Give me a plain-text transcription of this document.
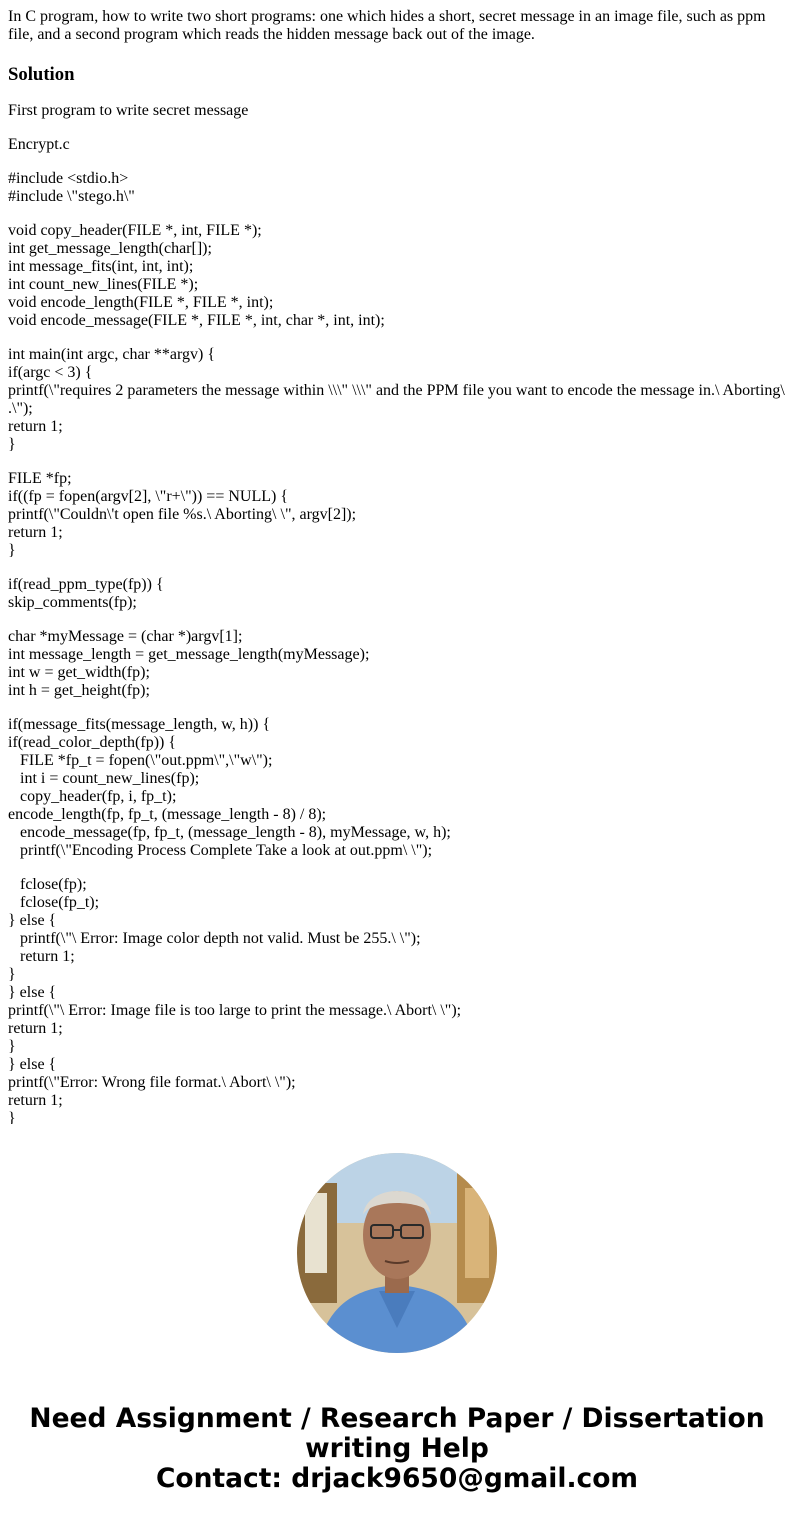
In C program, how to write two short programs: one which hides a short, secret message in an image file, such as ppm file, and a second program which reads the hidden message back out of the image.

Solution

First program to write secret message

Encrypt.c

#include <stdio.h>
#include \"stego.h\"
void copy_header(FILE *, int, FILE *);
int get_message_length(char[]);
int message_fits(int, int, int);
int count_new_lines(FILE *);
void encode_length(FILE *, FILE *, int);
void encode_message(FILE *, FILE *, int, char *, int, int);
int main(int argc, char **argv) {
if(argc < 3) {
printf(\"requires 2 parameters the message within \\\" \\\" and the PPM file you want to encode the message in.\ Aborting\
.\");
return 1;
}
FILE *fp;
if((fp = fopen(argv[2], \"r+\")) == NULL) {
printf(\"Couldn\'t open file %s.\ Aborting\ \", argv[2]);
return 1;
}
if(read_ppm_type(fp)) {
skip_comments(fp);
char *myMessage = (char *)argv[1];
int message_length = get_message_length(myMessage);
int w = get_width(fp);
int h = get_height(fp);
if(message_fits(message_length, w, h)) {
if(read_color_depth(fp)) {
FILE *fp_t = fopen(\"out.ppm\",\"w\");
int i = count_new_lines(fp);
copy_header(fp, i, fp_t);
encode_length(fp, fp_t, (message_length - 8) / 8);
encode_message(fp, fp_t, (message_length - 8), myMessage, w, h);
printf(\"Encoding Process Complete Take a look at out.ppm\ \");
fclose(fp);
fclose(fp_t);
} else {
printf(\"\ Error: Image color depth not valid. Must be 255.\ \");
return 1;
}
} else {
printf(\"\ Error: Image file is too large to print the message.\ Abort\ \");
return 1;
}
} else {
printf(\"Error: Wrong file format.\ Abort\ \");
return 1;
}
Need Assignment / Research Paper / Dissertation
writing Help
Contact: drjack9650@gmail.com
